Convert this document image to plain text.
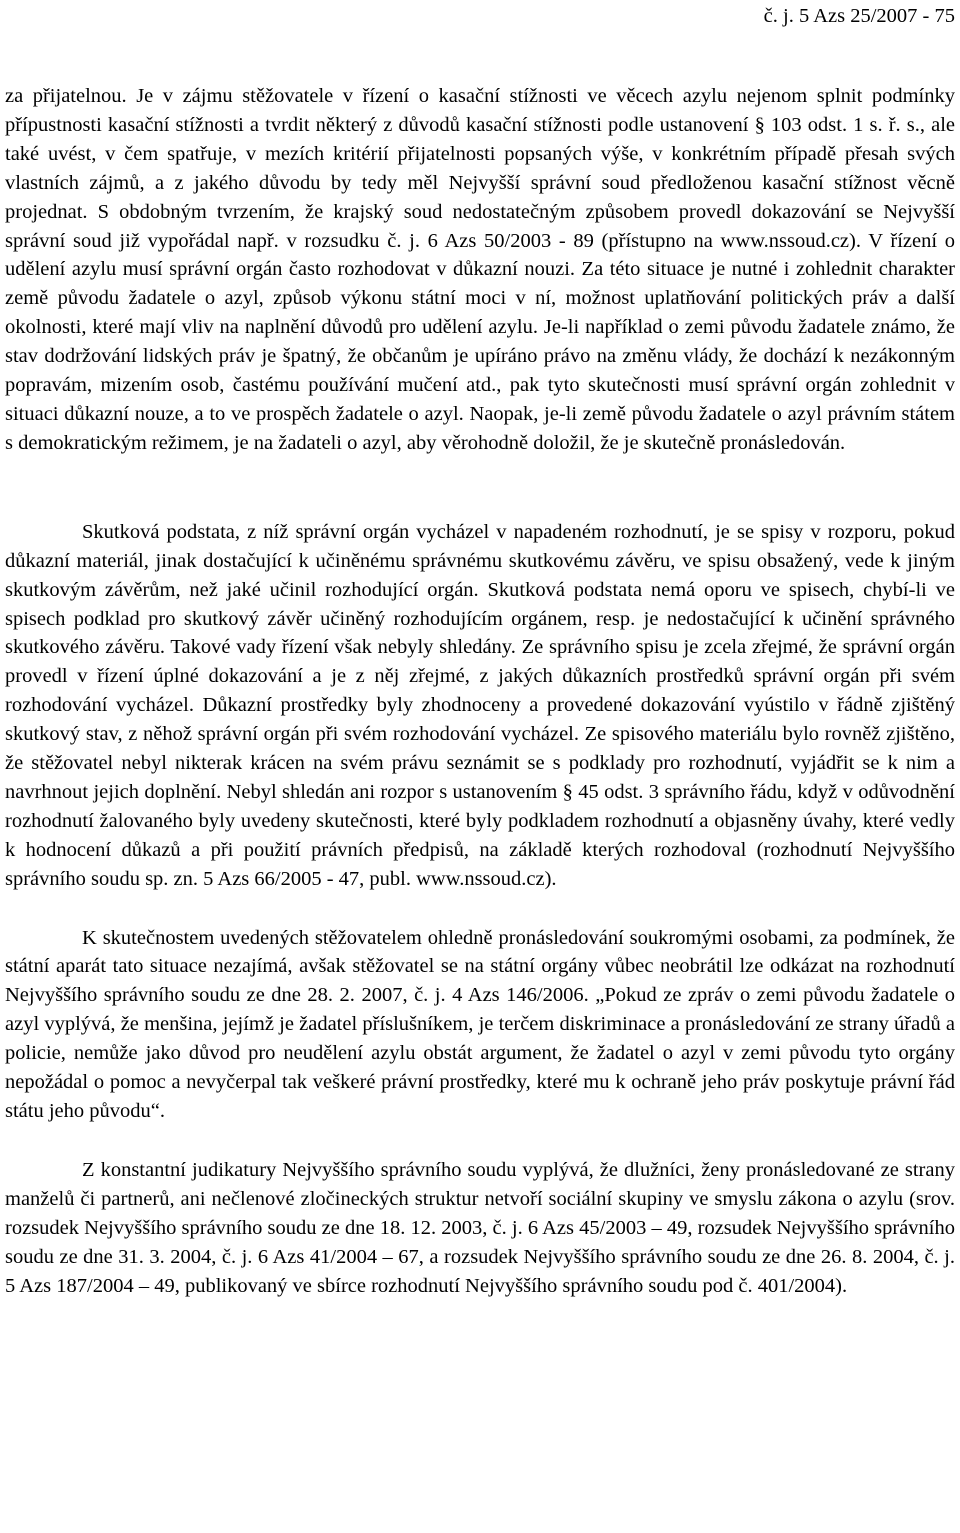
č. j. 5 Azs 25/2007 - 75

za přijatelnou. Je v zájmu stěžovatele v řízení o kasační stížnosti ve věcech azylu nejenom splnit podmínky přípustnosti kasační stížnosti a tvrdit některý z důvodů kasační stížnosti podle ustanovení § 103 odst. 1 s. ř. s., ale také uvést, v čem spatřuje, v mezích kritérií přijatelnosti popsaných výše, v konkrétním případě přesah svých vlastních zájmů, a z jakého důvodu by tedy měl Nejvyšší správní soud předloženou kasační stížnost věcně projednat. S obdobným tvrzením, že krajský soud nedostatečným způsobem provedl dokazování se Nejvyšší správní soud již vypořádal např. v rozsudku č. j. 6 Azs 50/2003 - 89 (přístupno na www.nssoud.cz). V řízení o udělení azylu musí správní orgán často rozhodovat v důkazní nouzi. Za této situace je nutné i zohlednit charakter země původu žadatele o azyl, způsob výkonu státní moci v ní, možnost uplatňování politických práv a další okolnosti, které mají vliv na naplnění důvodů pro udělení azylu. Je-li například o zemi původu žadatele známo, že stav dodržování lidských práv je špatný, že občanům je upíráno právo na změnu vlády, že dochází k nezákonným popravám, mizením osob, častému používání mučení atd., pak tyto skutečnosti musí správní orgán zohlednit v situaci důkazní nouze, a to ve prospěch žadatele o azyl. Naopak, je-li země původu žadatele o azyl právním státem s demokratickým režimem, je na žadateli o azyl, aby věrohodně doložil, že je skutečně pronásledován.

Skutková podstata, z níž správní orgán vycházel v napadeném rozhodnutí, je se spisy v rozporu, pokud důkazní materiál, jinak dostačující k učiněnému správnému skutkovému závěru, ve spisu obsažený, vede k jiným skutkovým závěrům, než jaké učinil rozhodující orgán. Skutková podstata nemá oporu ve spisech, chybí-li ve spisech podklad pro skutkový závěr učiněný rozhodujícím orgánem, resp. je nedostačující k učinění správného skutkového závěru. Takové vady řízení však nebyly shledány. Ze správního spisu je zcela zřejmé, že správní orgán provedl v řízení úplné dokazování a je z něj zřejmé, z jakých důkazních prostředků správní orgán při svém rozhodování vycházel. Důkazní prostředky byly zhodnoceny a provedené dokazování vyústilo v řádně zjištěný skutkový stav, z něhož správní orgán při svém rozhodování vycházel. Ze spisového materiálu bylo rovněž zjištěno, že stěžovatel nebyl nikterak krácen na svém právu seznámit se s podklady pro rozhodnutí, vyjádřit se k nim a navrhnout jejich doplnění. Nebyl shledán ani rozpor s ustanovením § 45 odst. 3 správního řádu, když v odůvodnění rozhodnutí žalovaného byly uvedeny skutečnosti, které byly podkladem rozhodnutí a objasněny úvahy, které vedly k hodnocení důkazů a při použití právních předpisů, na základě kterých rozhodoval (rozhodnutí Nejvyššího správního soudu sp. zn. 5 Azs 66/2005 - 47, publ. www.nssoud.cz).

K skutečnostem uvedených stěžovatelem ohledně pronásledování soukromými osobami, za podmínek, že státní aparát tato situace nezajímá, avšak stěžovatel se na státní orgány vůbec neobrátil lze odkázat na rozhodnutí Nejvyššího správního soudu ze dne 28. 2. 2007, č. j. 4 Azs 146/2006. „Pokud ze zpráv o zemi původu žadatele o azyl vyplývá, že menšina, jejímž je žadatel příslušníkem, je terčem diskriminace a pronásledování ze strany úřadů a policie, nemůže jako důvod pro neudělení azylu obstát argument, že žadatel o azyl v zemi původu tyto orgány nepožádal o pomoc a nevyčerpal tak veškeré právní prostředky, které mu k ochraně jeho práv poskytuje právní řád státu jeho původu“.

Z konstantní judikatury Nejvyššího správního soudu vyplývá, že dlužníci, ženy pronásledované ze strany manželů či partnerů, ani nečlenové zločineckých struktur netvoří sociální skupiny ve smyslu zákona o azylu (srov. rozsudek Nejvyššího správního soudu ze dne 18. 12. 2003, č. j. 6 Azs 45/2003 – 49, rozsudek Nejvyššího správního soudu ze dne 31. 3. 2004, č. j. 6 Azs 41/2004 – 67, a rozsudek Nejvyššího správního soudu ze dne 26. 8. 2004, č. j. 5 Azs 187/2004 – 49, publikovaný ve sbírce rozhodnutí Nejvyššího správního soudu pod č. 401/2004).
